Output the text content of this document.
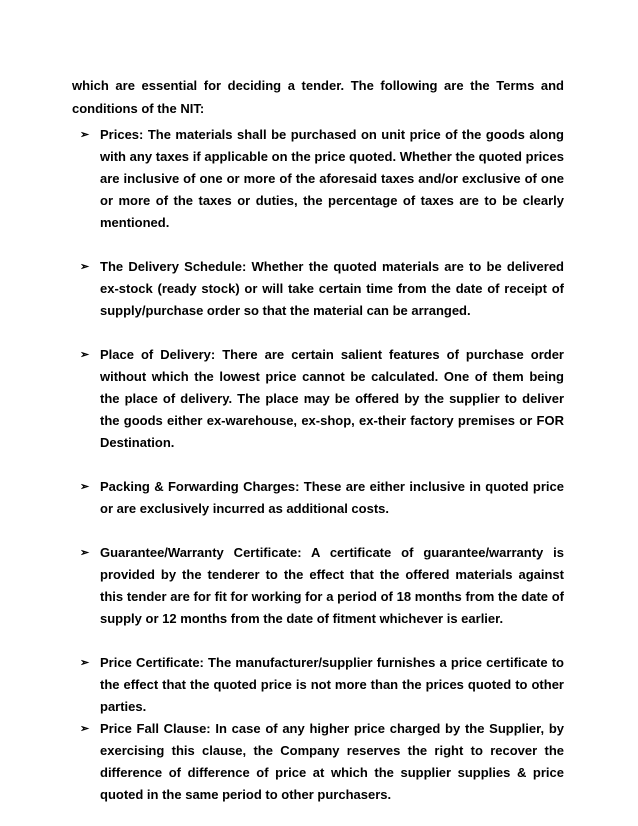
which are essential for deciding a tender. The following are the Terms and conditions of the NIT:

➢ Prices: The materials shall be purchased on unit price of the goods along with any taxes if applicable on the price quoted. Whether the quoted prices are inclusive of one or more of the aforesaid taxes and/or exclusive of one or more of the taxes or duties, the percentage of taxes are to be clearly mentioned.
➢ The Delivery Schedule: Whether the quoted materials are to be delivered ex-stock (ready stock) or will take certain time from the date of receipt of supply/purchase order so that the material can be arranged.
➢ Place of Delivery: There are certain salient features of purchase order without which the lowest price cannot be calculated. One of them being the place of delivery. The place may be offered by the supplier to deliver the goods either ex-warehouse, ex-shop, ex-their factory premises or FOR Destination.
➢ Packing & Forwarding Charges: These are either inclusive in quoted price or are exclusively incurred as additional costs.
➢ Guarantee/Warranty Certificate: A certificate of guarantee/warranty is provided by the tenderer to the effect that the offered materials against this tender are for fit for working for a period of 18 months from the date of supply or 12 months from the date of fitment whichever is earlier.
➢ Price Certificate: The manufacturer/supplier furnishes a price certificate to the effect that the quoted price is not more than the prices quoted to other parties.
➢ Price Fall Clause: In case of any higher price charged by the Supplier, by exercising this clause, the Company reserves the right to recover the difference of difference of price at which the supplier supplies & price quoted in the same period to other purchasers.
